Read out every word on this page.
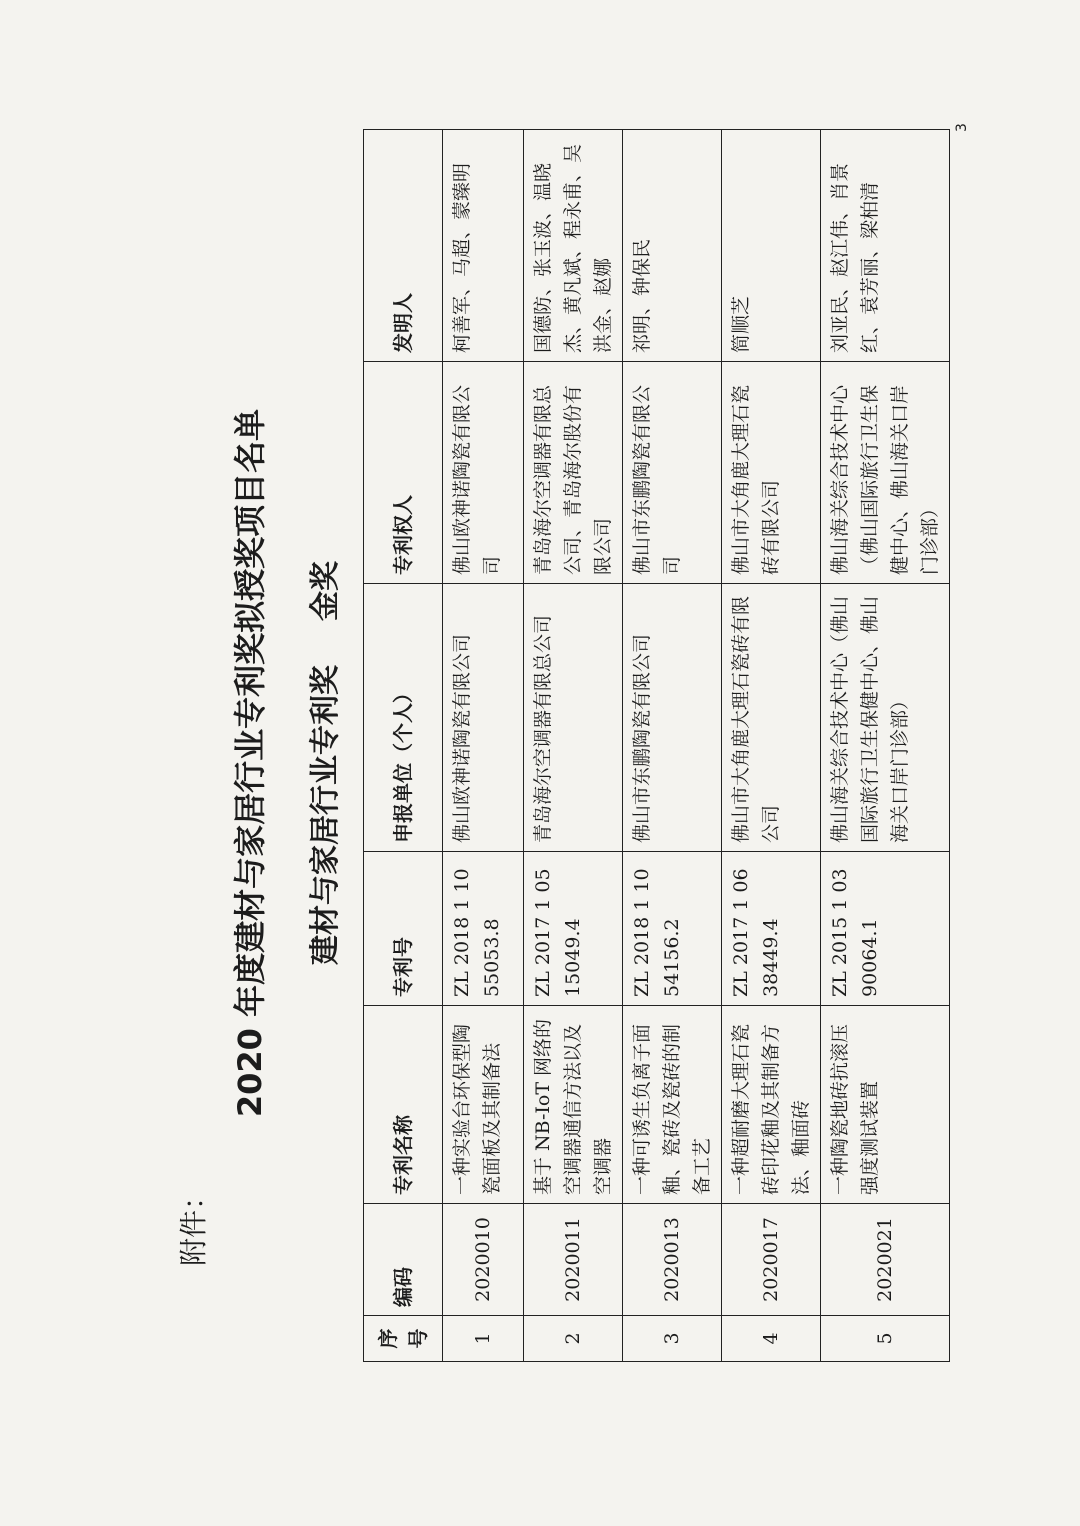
3
附件：
2020 年度建材与家居行业专利奖拟授奖项目名单 建材与家居行业专利奖金奖
序号	编码	专利名称	专利号	申报单位（个人）	专利权人	发明人
1	2020010	一种实验台环保型陶瓷面板及其制备法	ZL 2018 1 1055053.8	佛山欧神诺陶瓷有限公司	佛山欧神诺陶瓷有限公司	柯善军、马超、蒙臻明
2	2020011	基于 NB-IoT 网络的空调器通信方法以及空调器	ZL 2017 1 0515049.4	青岛海尔空调器有限总公司	青岛海尔空调器有限总公司、青岛海尔股份有限公司	国德防、张玉波、温晓杰、黄凡斌、程永甫、吴洪金、赵娜
3	2020013	一种可诱生负离子面釉、瓷砖及瓷砖的制备工艺	ZL 2018 1 1054156.2	佛山市东鹏陶瓷有限公司	佛山市东鹏陶瓷有限公司	祁明、钟保民
4	2020017	一种超耐磨大理石瓷砖印花釉及其制备方法、釉面砖	ZL 2017 1 0638449.4	佛山市大角鹿大理石瓷砖有限公司	佛山市大角鹿大理石瓷砖有限公司	简顺芝
5	2020021	一种陶瓷地砖抗滚压强度测试装置	ZL 2015 1 0390064.1	佛山海关综合技术中心（佛山国际旅行卫生保健中心、佛山海关口岸门诊部）	佛山海关综合技术中心（佛山国际旅行卫生保健中心、佛山海关口岸门诊部）	刘亚民、赵江伟、肖景红、袁芳丽、梁柏清
